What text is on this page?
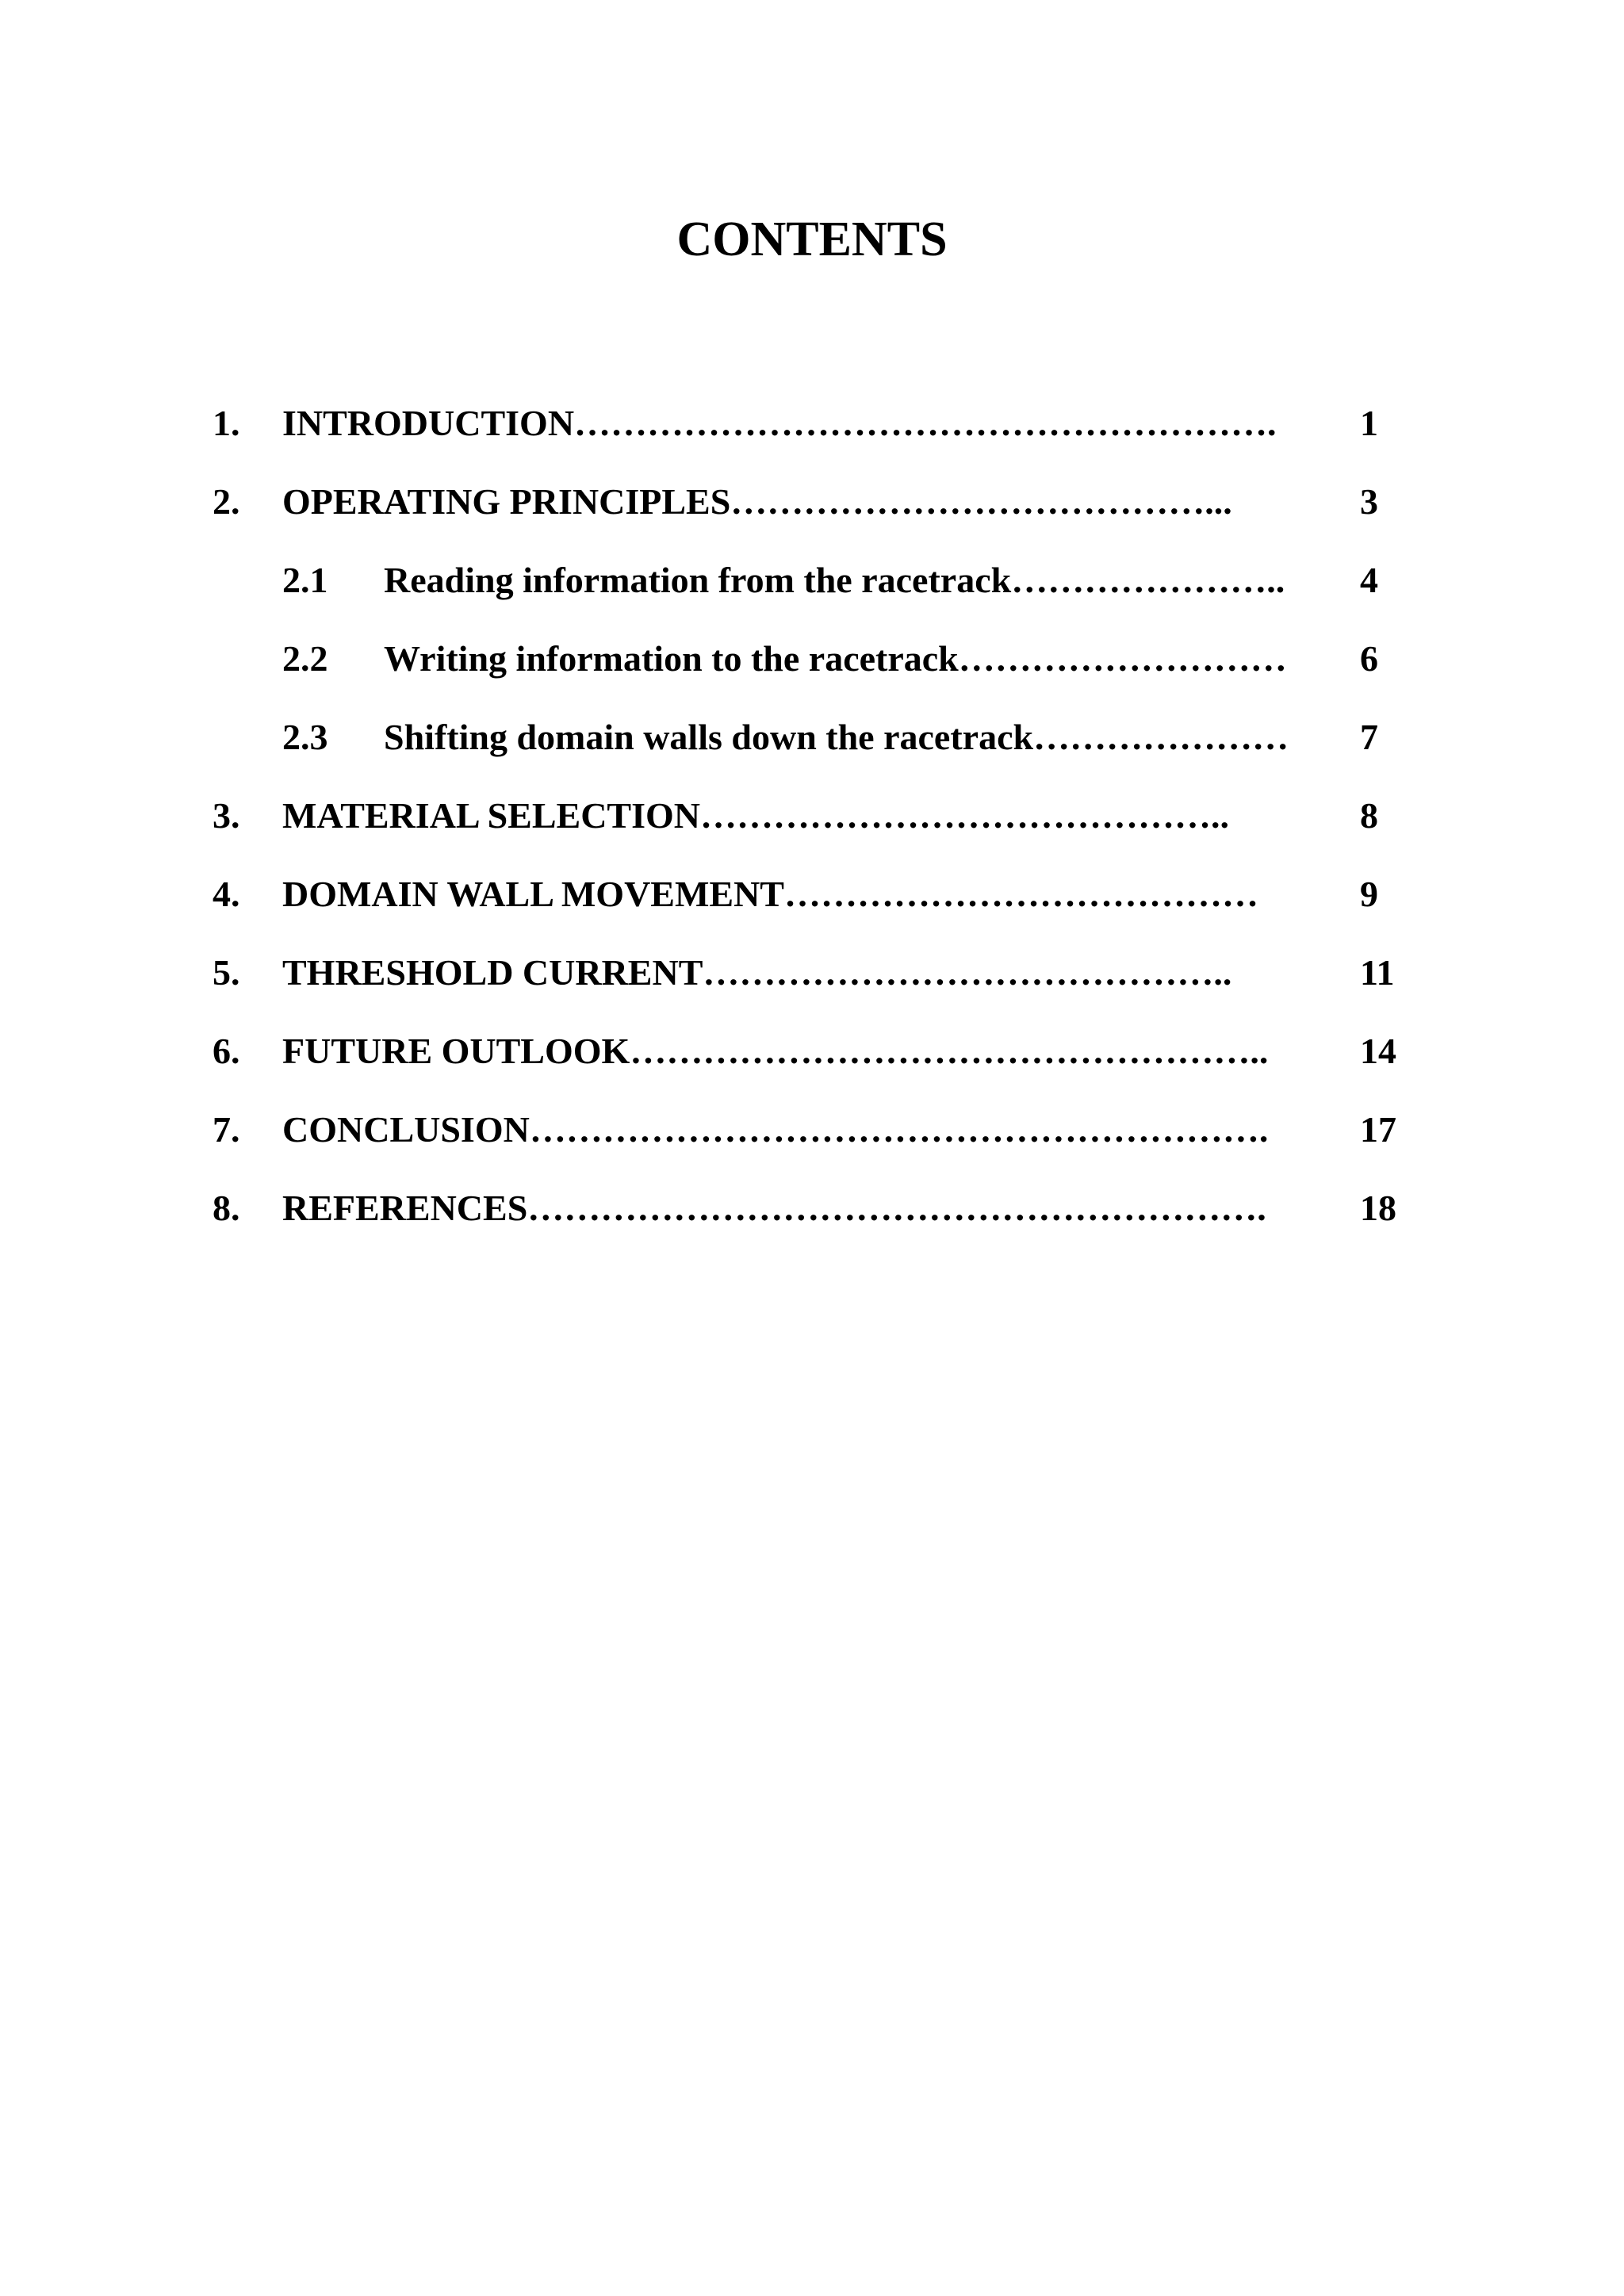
CONTENTS
1. INTRODUCTION…………………………………………………. 1
2. OPERATING PRINCIPLES…………………………………...	3
2.1 Reading information from the racetrack………………….. 4
2.2 Writing information to the racetrack……………………… 6
2.3 Shifting domain walls down the racetrack………………… 7
3. MATERIAL SELECTION……………………………………..	8
4. DOMAIN WALL MOVEMENT…………………………………	9
5. THRESHOLD CURRENT……………………………………..	11
6. FUTURE OUTLOOK……………………………………………..	14
7. CONCLUSION…………………………………………………….	17
8. REFERENCES…………………………………………………….	18
